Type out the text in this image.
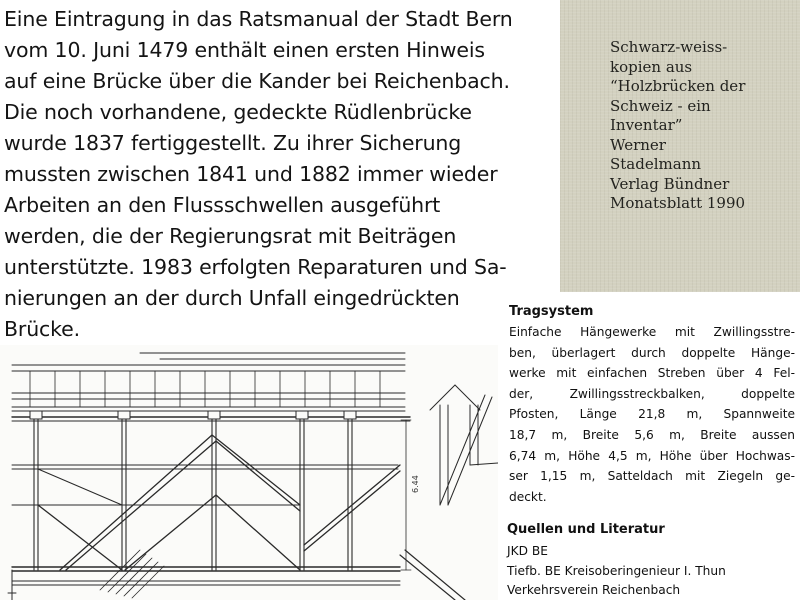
Eine Eintragung in das Ratsmanual der Stadt Bern
vom 10. Juni 1479 enthält einen ersten Hinweis
auf eine Brücke über die Kander bei Reichenbach.
Die noch vorhandene, gedeckte Rüdlenbrücke
wurde 1837 fertiggestellt. Zu ihrer Sicherung
mussten zwischen 1841 und 1882 immer wieder
Arbeiten an den Flussschwellen ausgeführt
werden, die der Regierungsrat mit Beiträgen
unterstützte. 1983 erfolgten Reparaturen und Sa-
nierungen an der durch Unfall eingedrückten
Brücke.
Schwarz-weiss-
kopien aus
“Holzbrücken der
Schweiz - ein
Inventar”
Werner
Stadelmann
Verlag Bündner
Monatsblatt 1990
6.44
Tragsystem
Einfache Hängewerke mit Zwillingsstre-
ben, überlagert durch doppelte Hänge-
werke mit einfachen Streben über 4 Fel-
der, Zwillingsstreckbalken, doppelte
Pfosten, Länge 21,8 m, Spannweite
18,7 m, Breite 5,6 m, Breite aussen
6,74 m, Höhe 4,5 m, Höhe über Hochwas-
ser 1,15 m, Satteldach mit Ziegeln ge-
deckt.
Quellen und Literatur
JKD BE
Tiefb. BE Kreisoberingenieur I. Thun
Verkehrsverein Reichenbach
